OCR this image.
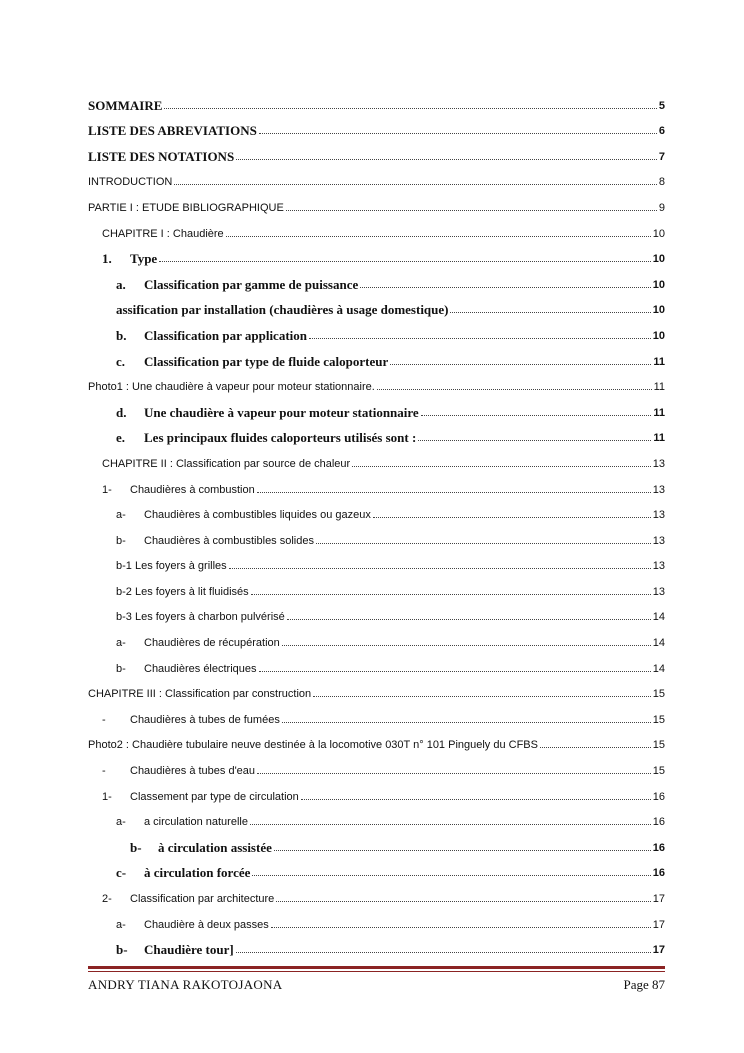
SOMMAIRE	5
LISTE DES ABREVIATIONS	6
LISTE DES NOTATIONS	7
INTRODUCTION	8
PARTIE I : ETUDE BIBLIOGRAPHIQUE	9
CHAPITRE I : Chaudière	10
1.	Type	10
a.	Classification par gamme de puissance	10
assification par installation (chaudières à usage domestique)	10
b.	Classification par application	10
c.	Classification par type de fluide caloporteur	11
Photo1 : Une chaudière à vapeur pour moteur stationnaire.	11
d.	Une chaudière à vapeur pour moteur stationnaire	11
e.	Les principaux fluides caloporteurs utilisés sont :	11
CHAPITRE II : Classification par source de chaleur	13
1-	Chaudières à combustion	13
a-	Chaudières à combustibles liquides ou gazeux	13
b-	Chaudières à combustibles solides	13
b-1 Les foyers à grilles	13
b-2 Les foyers à lit fluidisés	13
b-3 Les foyers à charbon pulvérisé	14
a-	Chaudières de récupération	14
b-	Chaudières électriques	14
CHAPITRE III : Classification par construction	15
-	Chaudières à tubes de fumées	15
Photo2 : Chaudière tubulaire neuve destinée à la locomotive 030T n° 101 Pinguely du CFBS	15
-	Chaudières à tubes d'eau	15
1-	Classement par type de circulation	16
a-	a circulation naturelle	16
b-	à circulation assistée	16
c-	à circulation forcée	16
2-	Classification par architecture	17
a-	Chaudière à deux passes	17
b-	Chaudière tour]	17
ANDRY TIANA RAKOTOJAONA	Page 87
